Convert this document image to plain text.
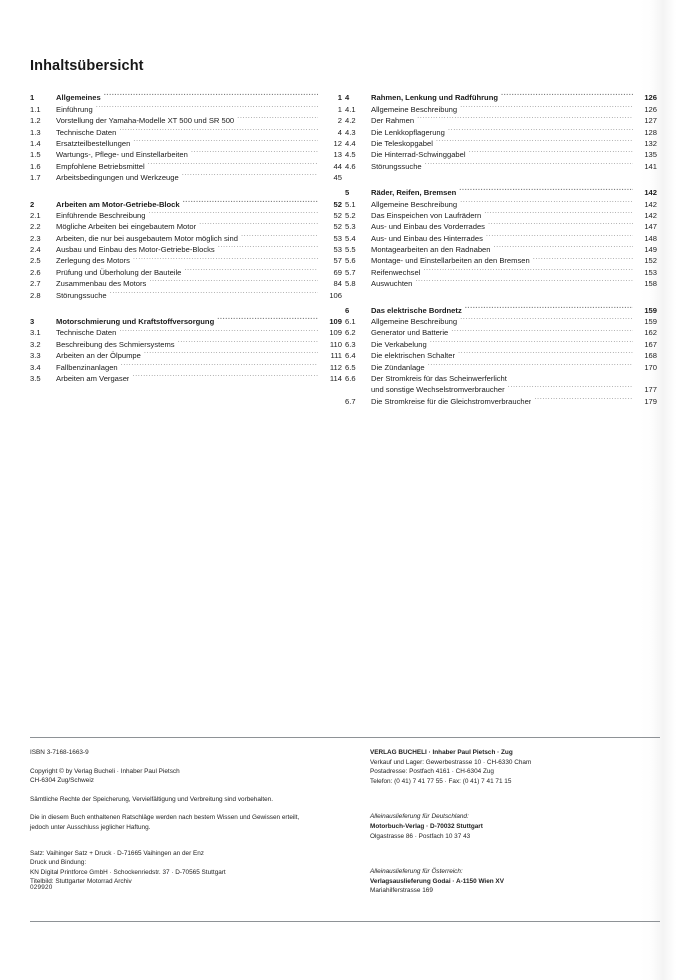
Inhaltsübersicht
1	Allgemeines .....	1
1.1	Einführung .....	1
1.2	Vorstellung der Yamaha-Modelle XT 500 und SR 500 .....	2
1.3	Technische Daten .....	4
1.4	Ersatzteilbestellungen .....	12
1.5	Wartungs-, Pflege- und Einstellarbeiten .....	13
1.6	Empfohlene Betriebsmittel .....	44
1.7	Arbeitsbedingungen und Werkzeuge .....	45
2	Arbeiten am Motor-Getriebe-Block .....	52
2.1	Einführende Beschreibung .....	52
2.2	Mögliche Arbeiten bei eingebautem Motor .....	52
2.3	Arbeiten, die nur bei ausgebautem Motor möglich sind .....	53
2.4	Ausbau und Einbau des Motor-Getriebe-Blocks .....	53
2.5	Zerlegung des Motors .....	57
2.6	Prüfung und Überholung der Bauteile .....	69
2.7	Zusammenbau des Motors .....	84
2.8	Störungssuche .....	106
3	Motorschmierung und Kraftstoffversorgung .....	109
3.1	Technische Daten .....	109
3.2	Beschreibung des Schmiersystems .....	110
3.3	Arbeiten an der Ölpumpe .....	111
3.4	Fallbenzinanlagen .....	112
3.5	Arbeiten am Vergaser .....	114
4	Rahmen, Lenkung und Radführung .....	126
4.1	Allgemeine Beschreibung .....	126
4.2	Der Rahmen .....	127
4.3	Die Lenkkopflagerung .....	128
4.4	Die Teleskopgabel .....	132
4.5	Die Hinterrad-Schwinggabel .....	135
4.6	Störungssuche .....	141
5	Räder, Reifen, Bremsen .....	142
5.1	Allgemeine Beschreibung .....	142
5.2	Das Einspeichen von Laufrädern .....	142
5.3	Aus- und Einbau des Vorderrades .....	147
5.4	Aus- und Einbau des Hinterrades .....	148
5.5	Montagearbeiten an den Radnaben .....	149
5.6	Montage- und Einstellarbeiten an den Bremsen .....	152
5.7	Reifenwechsel .....	153
5.8	Auswuchten .....	158
6	Das elektrische Bordnetz .....	159
6.1	Allgemeine Beschreibung .....	159
6.2	Generator und Batterie .....	162
6.3	Die Verkabelung .....	167
6.4	Die elektrischen Schalter .....	168
6.5	Die Zündanlage .....	170
6.6	Der Stromkreis für das Scheinwerferlicht
und sonstige Wechselstromverbraucher .....	177
6.7	Die Stromkreise für die Gleichstromverbraucher .....	179

ISBN 3-7168-1663-9

Copyright © by Verlag Bucheli · Inhaber Paul Pietsch

CH-6304 Zug/Schweiz

Sämtliche Rechte der Speicherung, Vervielfältigung und Verbreitung sind vorbehalten.

Die in diesem Buch enthaltenen Ratschläge werden nach bestem Wissen und Gewissen erteilt,

jedoch unter Ausschluss jeglicher Haftung.

Satz: Vaihinger Satz + Druck · D-71665 Vaihingen an der Enz

Druck und Bindung:

KN Digital Printforce GmbH · Schockenriedstr. 37 · D-70565 Stuttgart

Titelbild: Stuttgarter Motorrad Archiv

VERLAG BUCHELI · Inhaber Paul Pietsch · Zug

Verkauf und Lager: Gewerbestrasse 10 · CH-6330 Cham

Postadresse: Postfach 4161 · CH-6304 Zug

Telefon: (0 41) 7 41 77 55 · Fax: (0 41) 7 41 71 15

Alleinauslieferung für Deutschland:

Motorbuch-Verlag · D-70032 Stuttgart

Olgastrasse 86 · Postfach 10 37 43

Alleinauslieferung für Österreich:

Verlagsauslieferung Godai · A-1150 Wien XV

Mariahilferstrasse 169

029920
